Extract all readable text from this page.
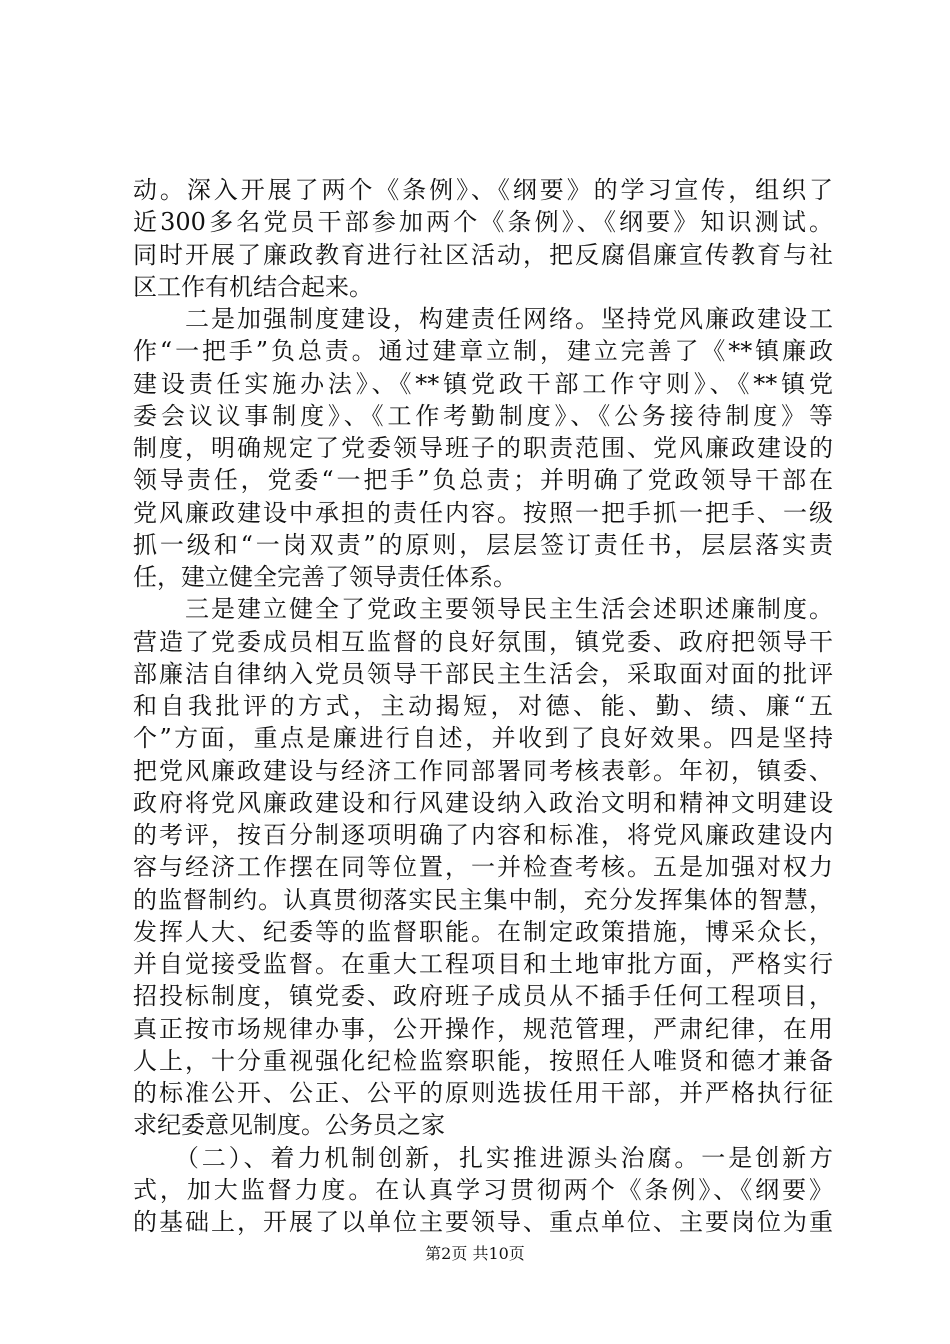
动。深入开展了两个《条例》、《纲要》的学习宣传，组织了
近300多名党员干部参加两个《条例》、《纲要》知识测试。
同时开展了廉政教育进行社区活动，把反腐倡廉宣传教育与社
区工作有机结合起来。
　　二是加强制度建设，构建责任网络。坚持党风廉政建设工
作“一把手”负总责。通过建章立制，建立完善了《**镇廉政
建设责任实施办法》、《**镇党政干部工作守则》、《**镇党
委会议议事制度》、《工作考勤制度》、《公务接待制度》等
制度，明确规定了党委领导班子的职责范围、党风廉政建设的
领导责任，党委“一把手”负总责；并明确了党政领导干部在
党风廉政建设中承担的责任内容。按照一把手抓一把手、一级
抓一级和“一岗双责”的原则，层层签订责任书，层层落实责
任，建立健全完善了领导责任体系。
　　三是建立健全了党政主要领导民主生活会述职述廉制度。
营造了党委成员相互监督的良好氛围，镇党委、政府把领导干
部廉洁自律纳入党员领导干部民主生活会，采取面对面的批评
和自我批评的方式，主动揭短，对德、能、勤、绩、廉“五
个”方面，重点是廉进行自述，并收到了良好效果。四是坚持
把党风廉政建设与经济工作同部署同考核表彰。年初，镇委、
政府将党风廉政建设和行风建设纳入政治文明和精神文明建设
的考评，按百分制逐项明确了内容和标准，将党风廉政建设内
容与经济工作摆在同等位置，一并检查考核。五是加强对权力
的监督制约。认真贯彻落实民主集中制，充分发挥集体的智慧，
发挥人大、纪委等的监督职能。在制定政策措施，博采众长，
并自觉接受监督。在重大工程项目和土地审批方面，严格实行
招投标制度，镇党委、政府班子成员从不插手任何工程项目，
真正按市场规律办事，公开操作，规范管理，严肃纪律，在用
人上，十分重视强化纪检监察职能，按照任人唯贤和德才兼备
的标准公开、公正、公平的原则选拔任用干部，并严格执行征
求纪委意见制度。公务员之家
　　（二）、着力机制创新，扎实推进源头治腐。一是创新方
式，加大监督力度。在认真学习贯彻两个《条例》、《纲要》
的基础上，开展了以单位主要领导、重点单位、主要岗位为重
第2页 共10页
